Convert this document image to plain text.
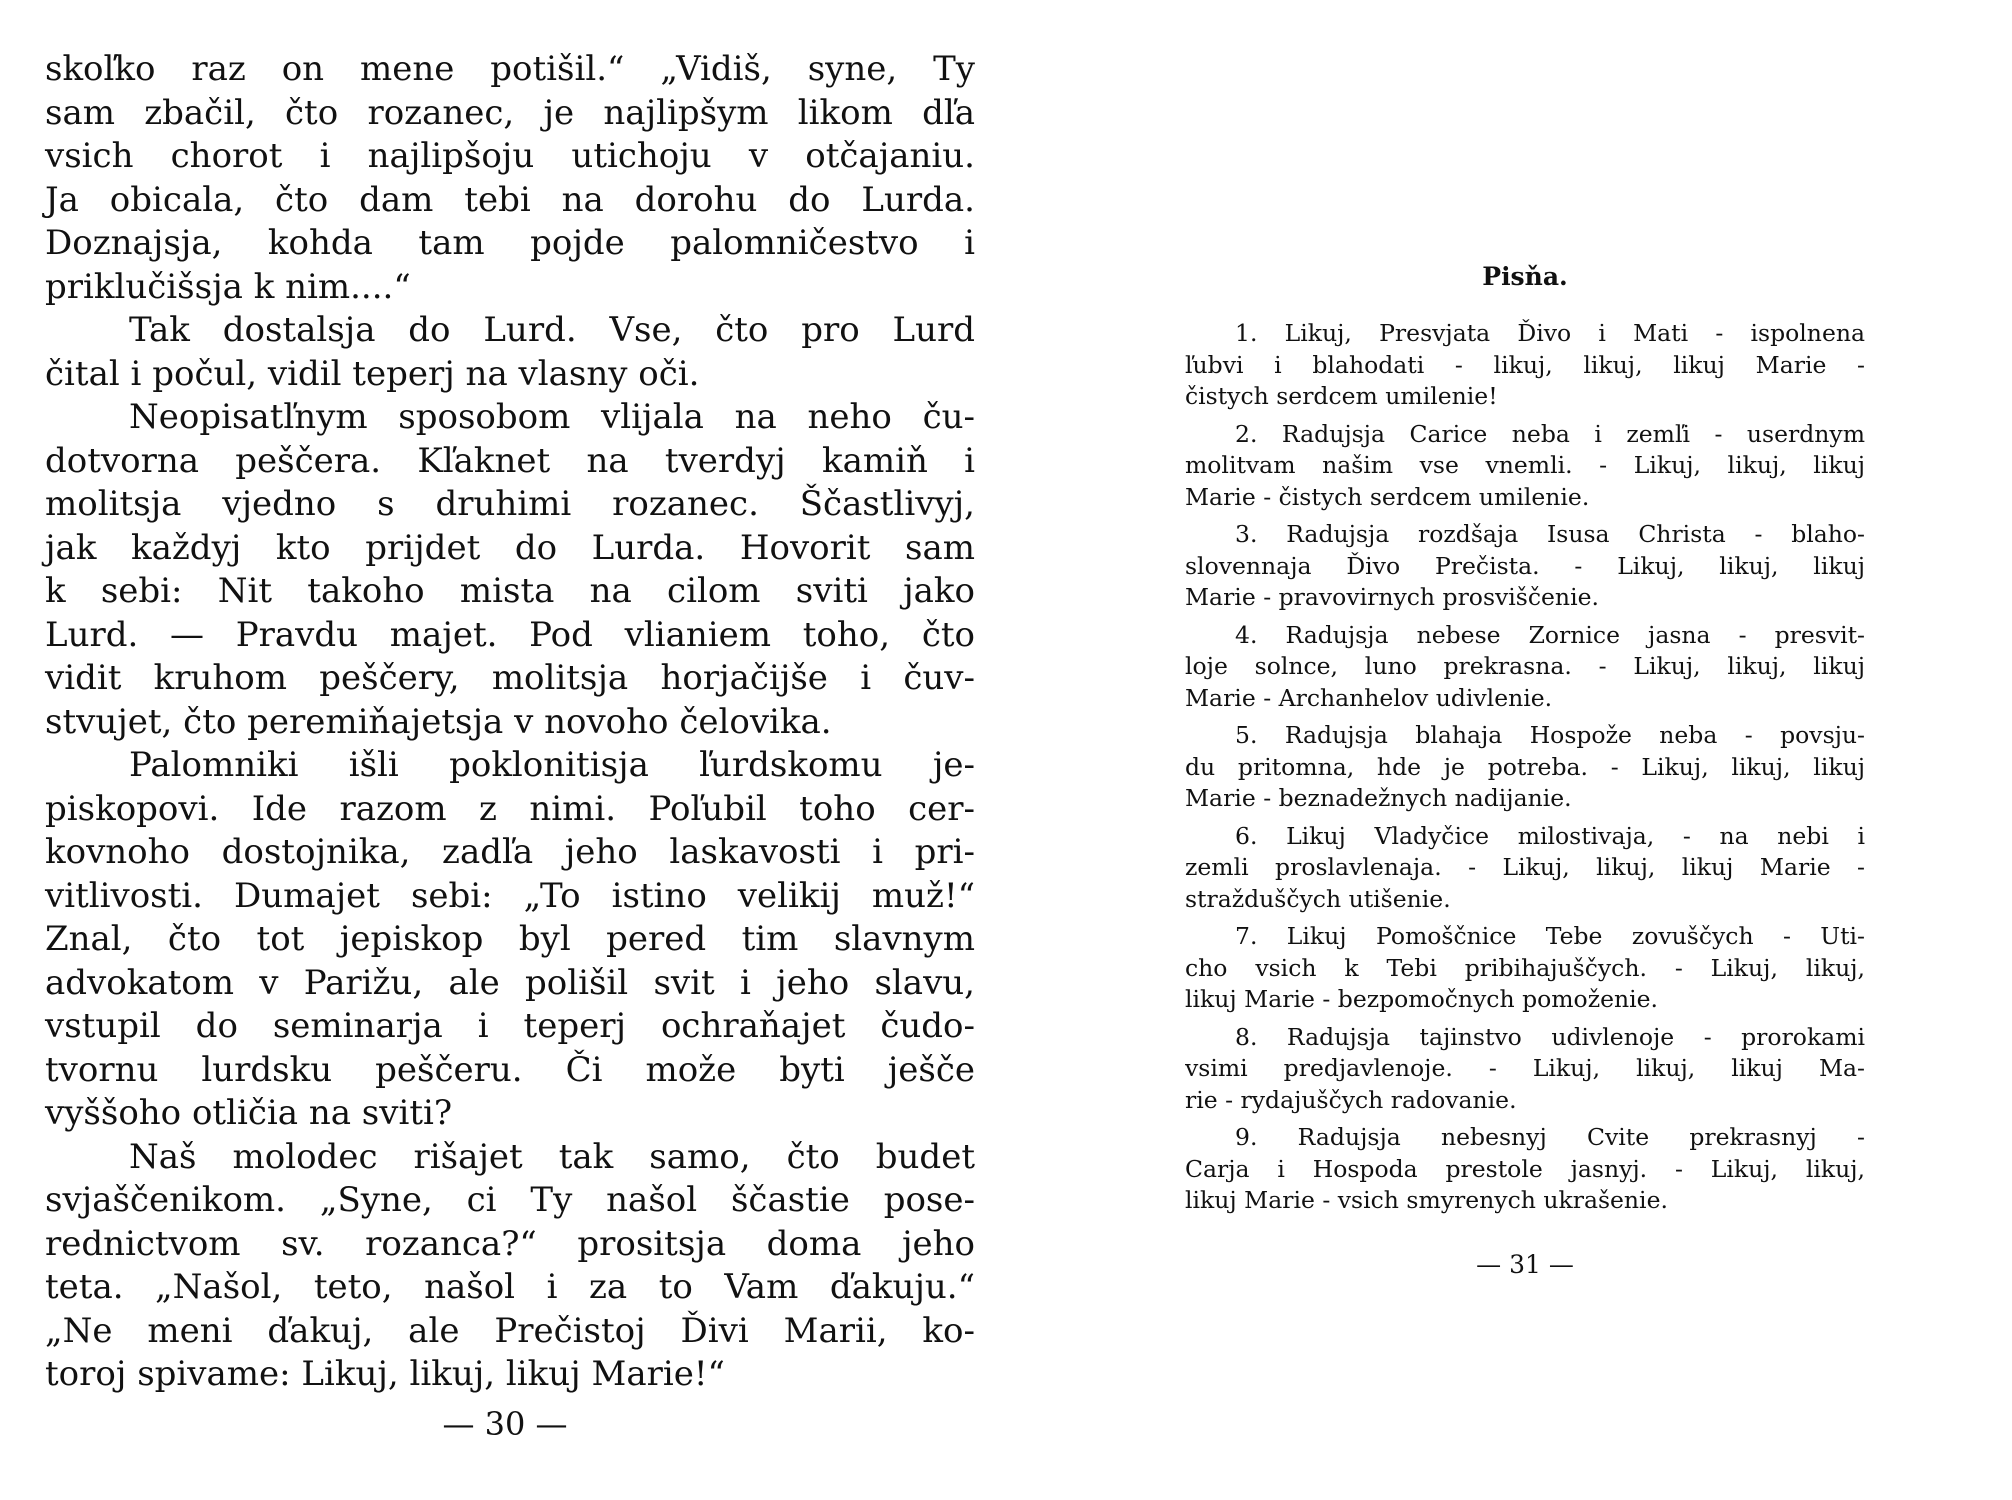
skoľko raz on mene potišil.“ „Vidiš, syne, Ty
sam zbačil, čto rozanec, je najlipšym likom dľa
vsich chorot i najlipšoju utichoju v otčajaniu.
Ja obicala, čto dam tebi na dorohu do Lurda.
Doznajsja, kohda tam pojde palomničestvo i
priklučišsja k nim....“
Tak dostalsja do Lurd. Vse, čto pro Lurd
čital i počul, vidil teperj na vlasny oči.
Neopisatľnym sposobom vlijala na neho ču-
dotvorna peščera. Kľaknet na tverdyj kamiň i
molitsja vjedno s druhimi rozanec. Ščastlivyj,
jak každyj kto prijdet do Lurda. Hovorit sam
k sebi: Nit takoho mista na cilom sviti jako
Lurd. — Pravdu majet. Pod vlianiem toho, čto
vidit kruhom peščery, molitsja horjačijše i čuv-
stvujet, čto peremiňajetsja v novoho čelovika.
Palomniki išli poklonitisja ľurdskomu je-
piskopovi. Ide razom z nimi. Poľubil toho cer-
kovnoho dostojnika, zadľa jeho laskavosti i pri-
vitlivosti. Dumajet sebi: „To istino velikij muž!“
Znal, čto tot jepiskop byl pered tim slavnym
advokatom v Parižu, ale polišil svit i jeho slavu,
vstupil do seminarja i teperj ochraňajet čudo-
tvornu lurdsku peščeru. Či može byti ješče
vyššoho otličia na sviti?
Naš molodec rišajet tak samo, čto budet
svjaščenikom. „Syne, ci Ty našol ščastie pose-
rednictvom sv. rozanca?“ prositsja doma jeho
teta. „Našol, teto, našol i za to Vam ďakuju.“
„Ne meni ďakuj, ale Prečistoj Ďivi Marii, ko-
toroj spivame: Likuj, likuj, likuj Marie!“
— 30 —
Pisňa.
1. Likuj, Presvjata Ďivo i Mati - ispolnena
ľubvi i blahodati - likuj, likuj, likuj Marie -
čistych serdcem umilenie!
2. Radujsja Carice neba i zemľi - userdnym
molitvam našim vse vnemli. - Likuj, likuj, likuj
Marie - čistych serdcem umilenie.
3. Radujsja rozdšaja Isusa Christa - blaho-
slovennaja Ďivo Prečista. - Likuj, likuj, likuj
Marie - pravovirnych prosviščenie.
4. Radujsja nebese Zornice jasna - presvit-
loje solnce, luno prekrasna. - Likuj, likuj, likuj
Marie - Archanhelov udivlenie.
5. Radujsja blahaja Hospože neba - povsju-
du pritomna, hde je potreba. - Likuj, likuj, likuj
Marie - beznadežnych nadijanie.
6. Likuj Vladyčice milostivaja, - na nebi i
zemli proslavlenaja. - Likuj, likuj, likuj Marie -
stražduščych utišenie.
7. Likuj Pomoščnice Tebe zovuščych - Uti-
cho vsich k Tebi pribihajuščych. - Likuj, likuj,
likuj Marie - bezpomočnych pomoženie.
8. Radujsja tajinstvo udivlenoje - prorokami
vsimi predjavlenoje. - Likuj, likuj, likuj Ma-
rie - rydajuščych radovanie.
9. Radujsja nebesnyj Cvite prekrasnyj -
Carja i Hospoda prestole jasnyj. - Likuj, likuj,
likuj Marie - vsich smyrenych ukrašenie.
— 31 —
